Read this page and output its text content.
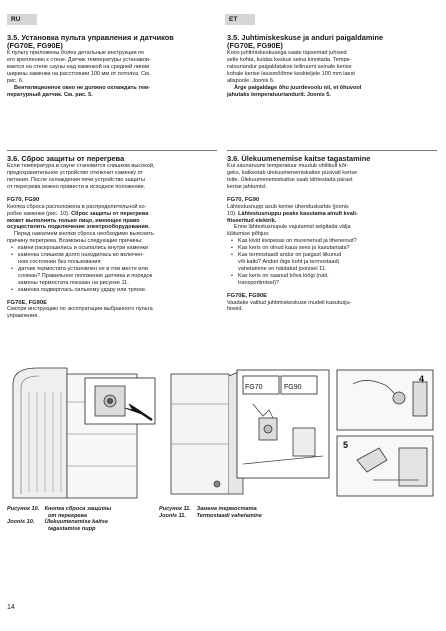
RU	ET
3.5. Установка пульта управления и датчиков
(FG70E, FG90E)
К пульту приложены более детальные инструкции по
его креплению к стене. Датчик температуры устанавли-
вается на стене сауны над каменкой на средней линии
ширины каменки на расстоянии 100 мм от потолка. См.
рис. 6.
Вентиляционное окно не должно охлаждать тем-
пературный датчик. См. рис. 5.
3.6. Сброс защиты от перегрева
Если температура в сауне становится слишком высокой,
предохранительное устройство отключит каменку от
питания. После охлаждения печи устройство защиты
от перегрева можно привести в исходное положение.
FG70, FG90
Кнопка сброса расположена в распределительной ко-
робке каменки (рис. 10). Сброс защиты от перегрева
может выполнять только лицо, имеющее право
осуществлять подключение электрооборудования.
Перед нажатием кнопки сброса необходимо выяснить
причину перегрева. Возможны следующие причины:
• камни раскрошились и осыпались внутри каменки
• каменка слишком долго находилась во включен-
ном состоянии без пользования
• датчик термостата установлен не в том месте или
сломан? Правильное положение датчика и порядок
замены термостата показан на рисунке 11.
• каменка подверглась сильному удару или тряске.
FG70E, FG90E
Смотри инструкцию по эксплуатации выбранного пульта
управления.
3.5. Juhtimiskeskuse ja anduri paigaldamine
(FG70E, FG90E)
Koos juhtimiskeskusega saate täpsemad juhised
selle kohta, kuidas keskus seina kinnitada. Tempe-
ratuuriandur paigaldatakse leiliruumi seinale kerise
kohale kerise laiusmõõtme keskteljele 100 mm laest
allapoole. Joonis 6.
Ärge paigaldage õhu juurdevoolu nii, et õhuvool
jahutaks temperatuuriandurit. Joonis 5.
3.6. Ülekuumenemise kaitse tagastamine
Kui saunaruumi temperatuur muutub ohtlikult kõr-
geks, katkestab ülekuumenemiskaitse püsivalt kerise
toite. Ülekuumenemiskaitse saab lähtestada pärast
kerise jahtumist.
FG70, FG90
Lähtestusnupp asub kerise ühenduskarbis (joonis
10). Lähtestusnuppu peaks kasutama ainult kvali-
fitseeritud elektrik.
Enne lähtestusnupule vajutamist selgitada välja
lülitumise põhjus:
• Kas kivid kivipesas on murenenud ja tihenenud?
• Kas keris on olnud kaua sees ja kasutamata?
• Kas termostaadi andur on paigast liikunud
või katki? Anduri õige koht ja termostaadi
vahetamine on näidatud joonisel 11.
• Kas keris on saanud kõva löögi (näit.
transportimisel)?
FG70E, FG90E
Vaadake valitud juhtimiskeskuse mudeli kasutusju-
hiseid.
FG70	FG90
4
5
Рисунок 10. Кнопка сброса защиты
от перегрева
Joonis 10. Ülekuumenemise kaitse
tagastamise nupp
Рисунок 11. Замена термостата
Joonis 11. Termostaadi vahetamine
14
